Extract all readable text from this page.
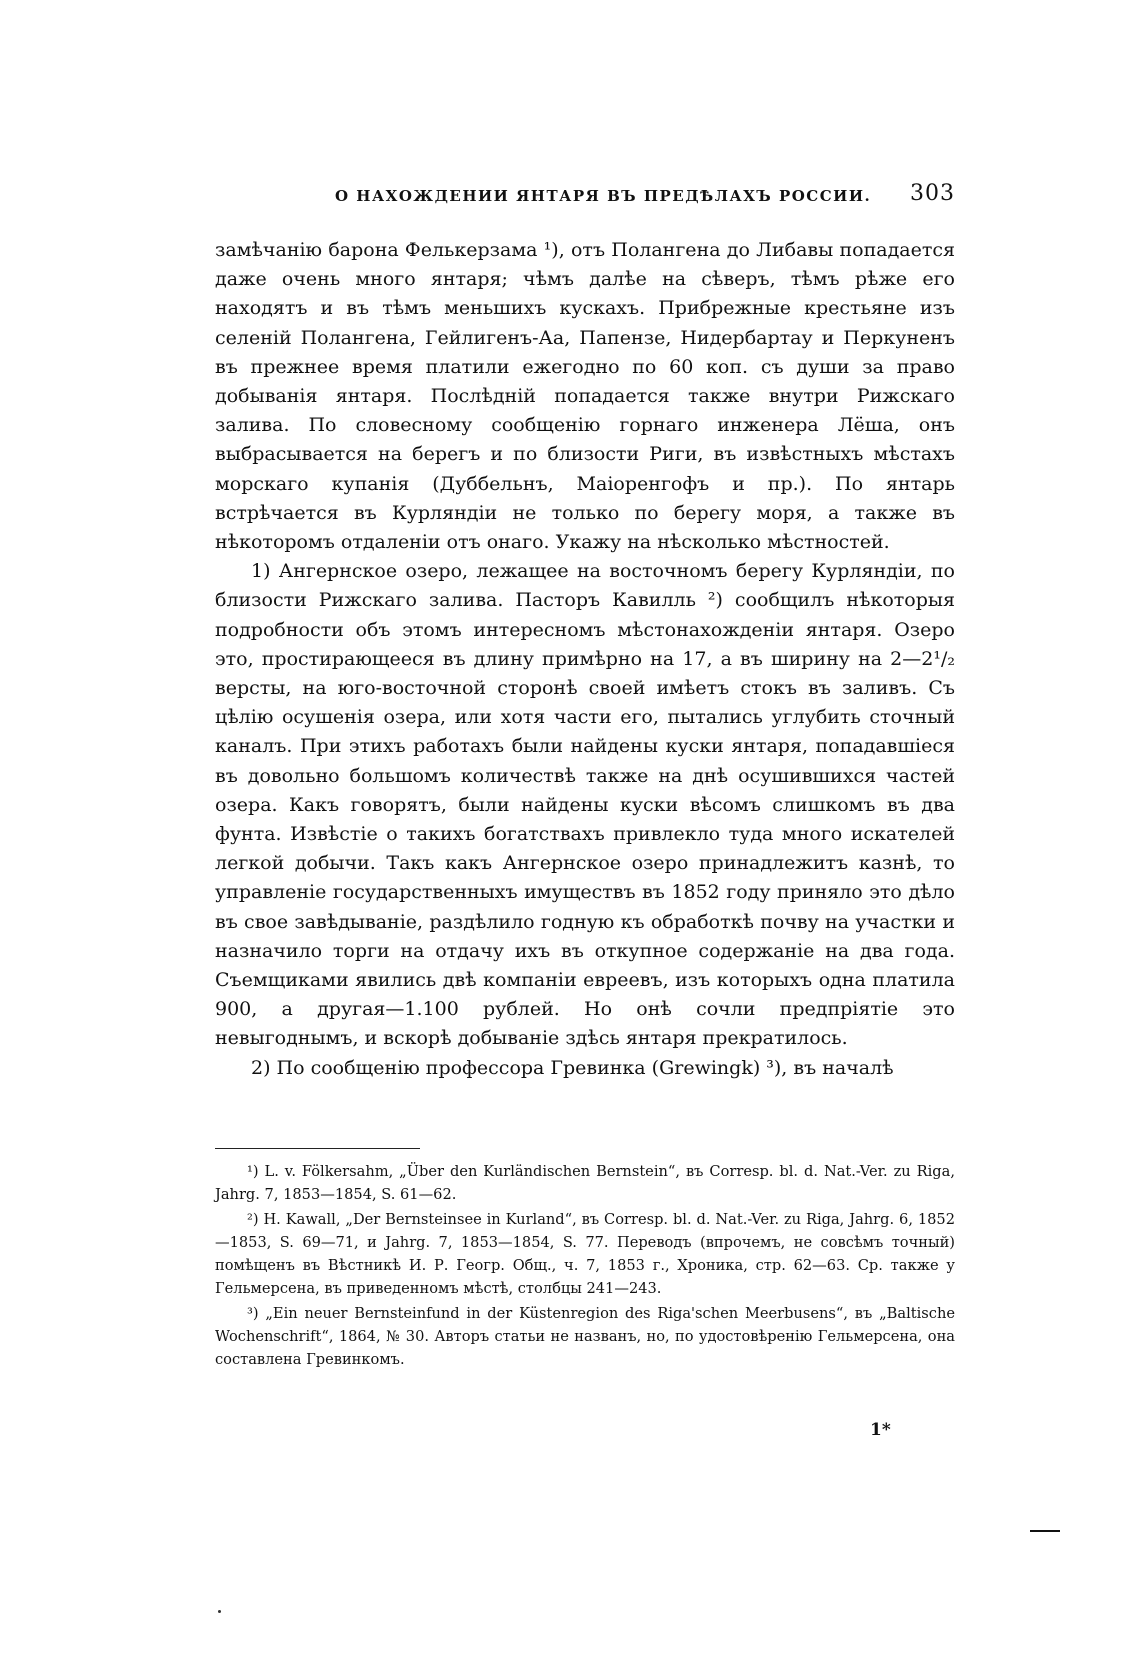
О НАХОЖДЕНИИ ЯНТАРЯ ВЪ ПРЕДѢЛАХЪ РОССИИ. 303

замѣчанію барона Фелькерзама ¹), отъ Полангена до Либавы попадается даже очень много янтаря; чѣмъ далѣе на сѣверъ, тѣмъ рѣже его находятъ и въ тѣмъ меньшихъ кускахъ. Прибрежные крестьяне изъ селеній Полангена, Гейлигенъ-Аа, Папензе, Нидербартау и Перкуненъ въ прежнее время платили ежегодно по 60 коп. съ души за право добыванія янтаря. Послѣдній попадается также внутри Рижскаго залива. По словесному сообщенію горнаго инженера Лёша, онъ выбрасывается на берегъ и по близости Риги, въ извѣстныхъ мѣстахъ морскаго купанія (Дуббельнъ, Маіоренгофъ и пр.). По янтарь встрѣчается въ Курляндіи не только по берегу моря, а также въ нѣкоторомъ отдаленіи отъ онаго. Укажу на нѣсколько мѣстностей.

1) Ангернское озеро, лежащее на восточномъ берегу Курляндіи, по близости Рижскаго залива. Пасторъ Кавилль ²) сообщилъ нѣкоторыя подробности объ этомъ интересномъ мѣстонахожденіи янтаря. Озеро это, простирающееся въ длину примѣрно на 17, а въ ширину на 2—2¹/₂ версты, на юго-восточной сторонѣ своей имѣетъ стокъ въ заливъ. Съ цѣлію осушенія озера, или хотя части его, пытались углубить сточный каналъ. При этихъ работахъ были найдены куски янтаря, попадавшіеся въ довольно большомъ количествѣ также на днѣ осушившихся частей озера. Какъ говорятъ, были найдены куски вѣсомъ слишкомъ въ два фунта. Извѣстіе о такихъ богатствахъ привлекло туда много искателей легкой добычи. Такъ какъ Ангернское озеро принадлежитъ казнѣ, то управленіе государственныхъ имуществъ въ 1852 году приняло это дѣло въ свое завѣдываніе, раздѣлило годную къ обработкѣ почву на участки и назначило торги на отдачу ихъ въ откупное содержаніе на два года. Съемщиками явились двѣ компаніи евреевъ, изъ которыхъ одна платила 900, а другая—1.100 рублей. Но онѣ сочли предпріятіе это невыгоднымъ, и вскорѣ добываніе здѣсь янтаря прекратилось.

2) По сообщенію профессора Гревинка (Grewingk) ³), въ началѣ

¹) L. v. Fölkersahm, „Über den Kurländischen Bernstein“, въ Corresp. bl. d. Nat.-Ver. zu Riga, Jahrg. 7, 1853—1854, S. 61—62.

²) H. Kawall, „Der Bernsteinsee in Kurland“, въ Corresp. bl. d. Nat.-Ver. zu Riga, Jahrg. 6, 1852—1853, S. 69—71, и Jahrg. 7, 1853—1854, S. 77. Переводъ (впрочемъ, не совсѣмъ точный) помѣщенъ въ Вѣстникѣ И. Р. Геогр. Общ., ч. 7, 1853 г., Хроника, стр. 62—63. Ср. также у Гельмерсена, въ приведенномъ мѣстѣ, столбцы 241—243.

³) „Ein neuer Bernsteinfund in der Küstenregion des Riga'schen Meerbusens“, въ „Baltische Wochenschrift“, 1864, № 30. Авторъ статьи не названъ, но, по удостовѣренію Гельмерсена, она составлена Гревинкомъ.

1*
